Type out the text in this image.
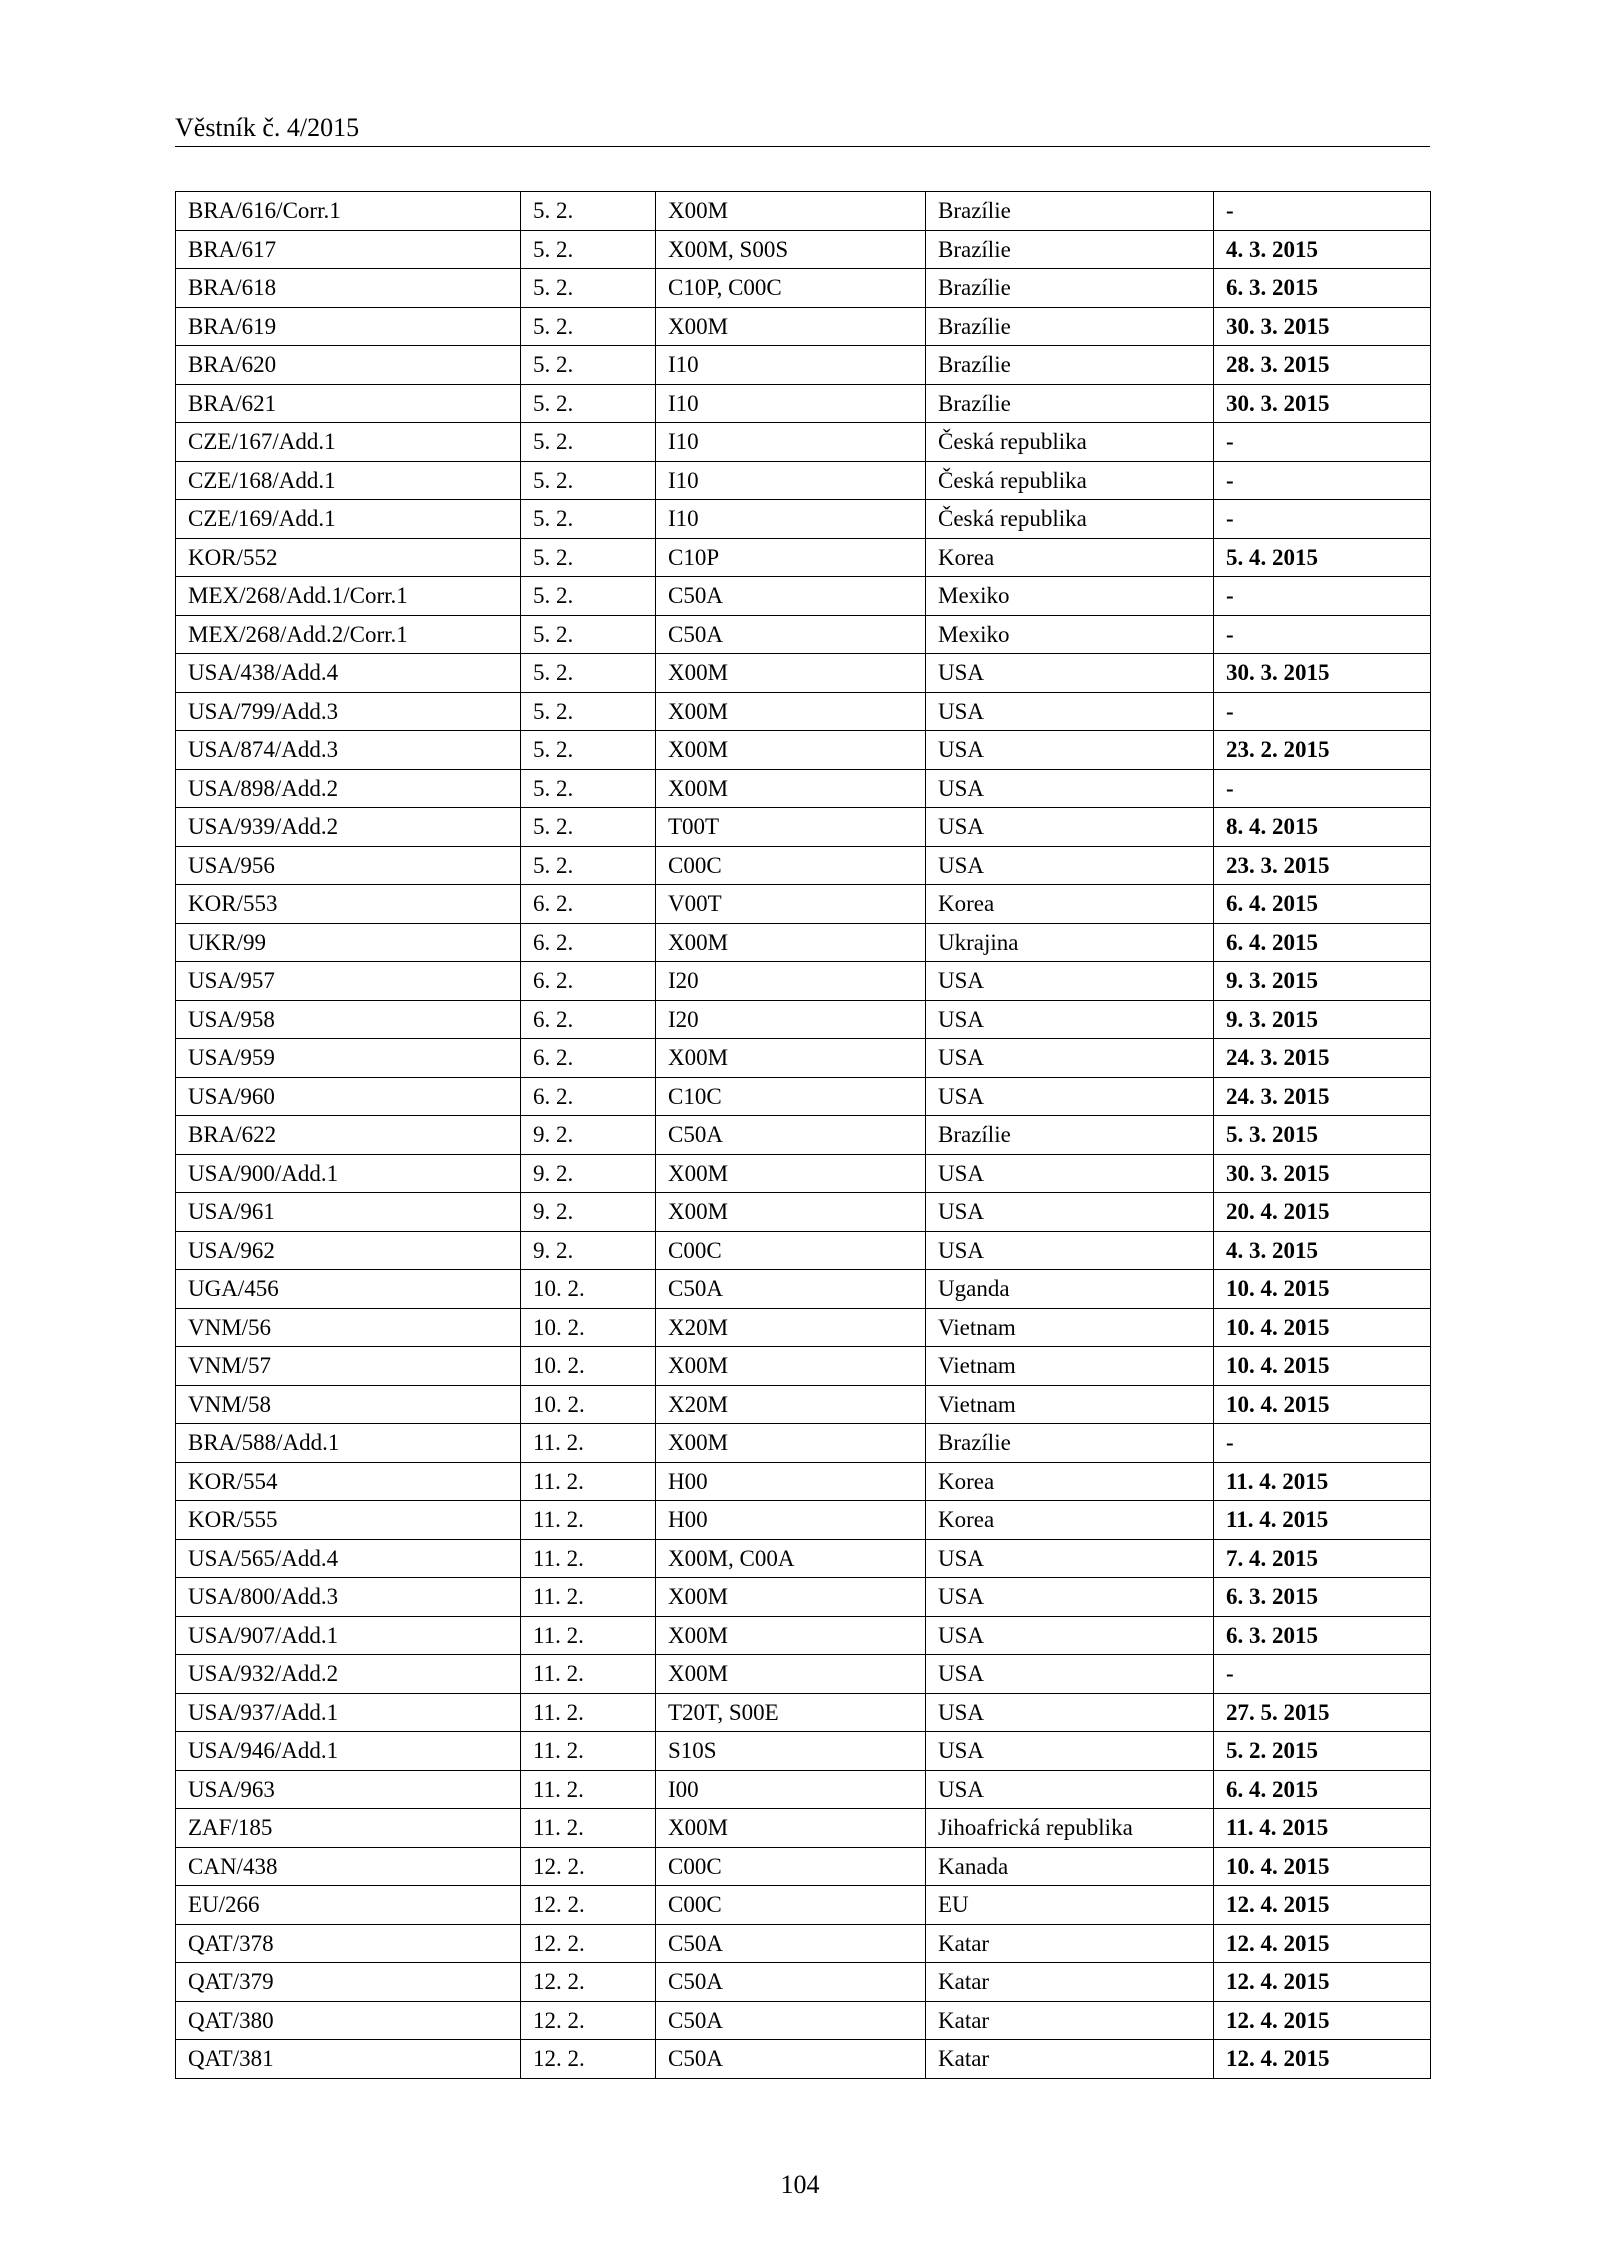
Věstník č. 4/2015
BRA/616/Corr.1	5. 2.	X00M	Brazílie	-
BRA/617	5. 2.	X00M, S00S	Brazílie	4. 3. 2015
BRA/618	5. 2.	C10P, C00C	Brazílie	6. 3. 2015
BRA/619	5. 2.	X00M	Brazílie	30. 3. 2015
BRA/620	5. 2.	I10	Brazílie	28. 3. 2015
BRA/621	5. 2.	I10	Brazílie	30. 3. 2015
CZE/167/Add.1	5. 2.	I10	Česká republika	-
CZE/168/Add.1	5. 2.	I10	Česká republika	-
CZE/169/Add.1	5. 2.	I10	Česká republika	-
KOR/552	5. 2.	C10P	Korea	5. 4. 2015
MEX/268/Add.1/Corr.1	5. 2.	C50A	Mexiko	-
MEX/268/Add.2/Corr.1	5. 2.	C50A	Mexiko	-
USA/438/Add.4	5. 2.	X00M	USA	30. 3. 2015
USA/799/Add.3	5. 2.	X00M	USA	-
USA/874/Add.3	5. 2.	X00M	USA	23. 2. 2015
USA/898/Add.2	5. 2.	X00M	USA	-
USA/939/Add.2	5. 2.	T00T	USA	8. 4. 2015
USA/956	5. 2.	C00C	USA	23. 3. 2015
KOR/553	6. 2.	V00T	Korea	6. 4. 2015
UKR/99	6. 2.	X00M	Ukrajina	6. 4. 2015
USA/957	6. 2.	I20	USA	9. 3. 2015
USA/958	6. 2.	I20	USA	9. 3. 2015
USA/959	6. 2.	X00M	USA	24. 3. 2015
USA/960	6. 2.	C10C	USA	24. 3. 2015
BRA/622	9. 2.	C50A	Brazílie	5. 3. 2015
USA/900/Add.1	9. 2.	X00M	USA	30. 3. 2015
USA/961	9. 2.	X00M	USA	20. 4. 2015
USA/962	9. 2.	C00C	USA	4. 3. 2015
UGA/456	10. 2.	C50A	Uganda	10. 4. 2015
VNM/56	10. 2.	X20M	Vietnam	10. 4. 2015
VNM/57	10. 2.	X00M	Vietnam	10. 4. 2015
VNM/58	10. 2.	X20M	Vietnam	10. 4. 2015
BRA/588/Add.1	11. 2.	X00M	Brazílie	-
KOR/554	11. 2.	H00	Korea	11. 4. 2015
KOR/555	11. 2.	H00	Korea	11. 4. 2015
USA/565/Add.4	11. 2.	X00M, C00A	USA	7. 4. 2015
USA/800/Add.3	11. 2.	X00M	USA	6. 3. 2015
USA/907/Add.1	11. 2.	X00M	USA	6. 3. 2015
USA/932/Add.2	11. 2.	X00M	USA	-
USA/937/Add.1	11. 2.	T20T, S00E	USA	27. 5. 2015
USA/946/Add.1	11. 2.	S10S	USA	5. 2. 2015
USA/963	11. 2.	I00	USA	6. 4. 2015
ZAF/185	11. 2.	X00M	Jihoafrická republika	11. 4. 2015
CAN/438	12. 2.	C00C	Kanada	10. 4. 2015
EU/266	12. 2.	C00C	EU	12. 4. 2015
QAT/378	12. 2.	C50A	Katar	12. 4. 2015
QAT/379	12. 2.	C50A	Katar	12. 4. 2015
QAT/380	12. 2.	C50A	Katar	12. 4. 2015
QAT/381	12. 2.	C50A	Katar	12. 4. 2015
104
